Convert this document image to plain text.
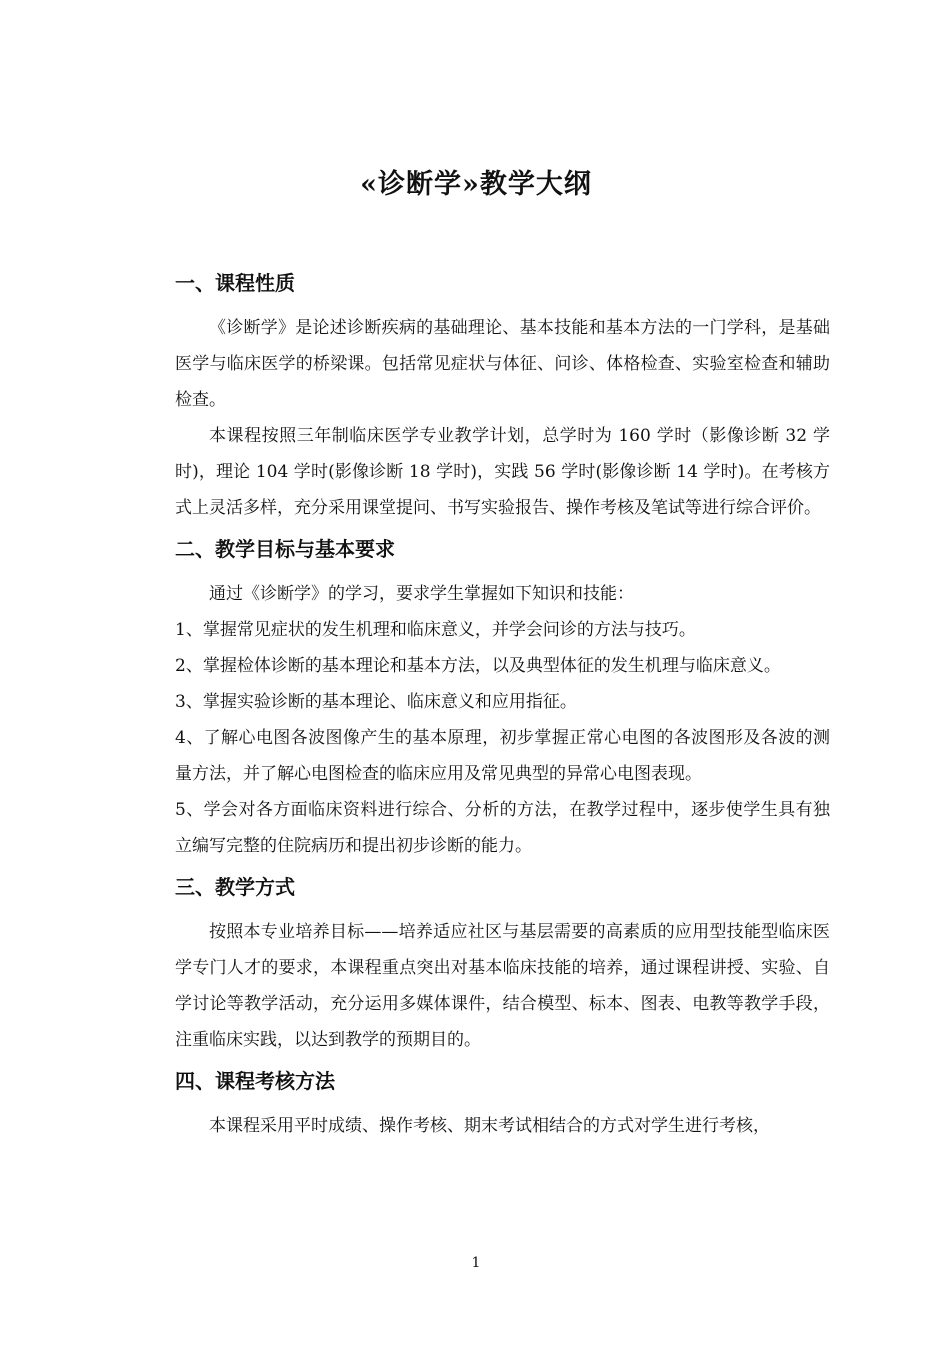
«诊断学»教学大纲
一、课程性质

《诊断学》是论述诊断疾病的基础理论、基本技能和基本方法的一门学科，是基础医学与临床医学的桥梁课。包括常见症状与体征、问诊、体格检查、实验室检查和辅助检查。

本课程按照三年制临床医学专业教学计划，总学时为 160 学时（影像诊断 32 学时)，理论 104 学时(影像诊断 18 学时)，实践 56 学时(影像诊断 14 学时)。在考核方式上灵活多样，充分采用课堂提问、书写实验报告、操作考核及笔试等进行综合评价。

二、教学目标与基本要求

通过《诊断学》的学习，要求学生掌握如下知识和技能：

1、掌握常见症状的发生机理和临床意义，并学会问诊的方法与技巧。

2、掌握检体诊断的基本理论和基本方法，以及典型体征的发生机理与临床意义。

3、掌握实验诊断的基本理论、临床意义和应用指征。

4、了解心电图各波图像产生的基本原理，初步掌握正常心电图的各波图形及各波的测量方法，并了解心电图检查的临床应用及常见典型的异常心电图表现。

5、学会对各方面临床资料进行综合、分析的方法，在教学过程中，逐步使学生具有独立编写完整的住院病历和提出初步诊断的能力。

三、教学方式

按照本专业培养目标——培养适应社区与基层需要的高素质的应用型技能型临床医学专门人才的要求，本课程重点突出对基本临床技能的培养，通过课程讲授、实验、自学讨论等教学活动，充分运用多媒体课件，结合模型、标本、图表、电教等教学手段，注重临床实践，以达到教学的预期目的。

四、课程考核方法

本课程采用平时成绩、操作考核、期末考试相结合的方式对学生进行考核，

1
